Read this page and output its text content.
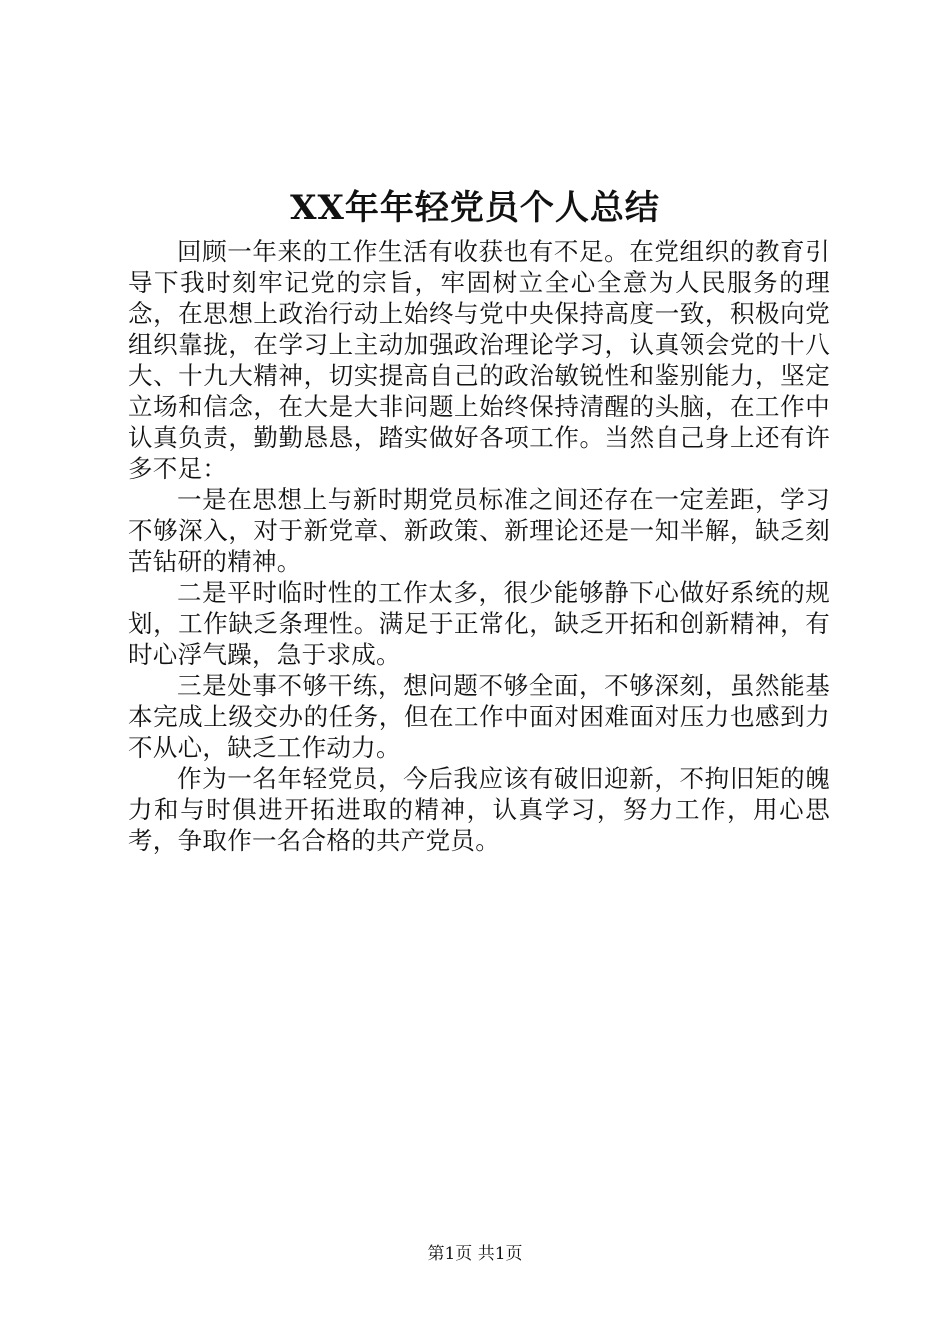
XX年年轻党员个人总结

回顾一年来的工作生活有收获也有不足。在党组织的教育引导下我时刻牢记党的宗旨，牢固树立全心全意为人民服务的理念，在思想上政治行动上始终与党中央保持高度一致，积极向党组织靠拢，在学习上主动加强政治理论学习，认真领会党的十八大、十九大精神，切实提高自己的政治敏锐性和鉴别能力，坚定立场和信念，在大是大非问题上始终保持清醒的头脑，在工作中认真负责，勤勤恳恳，踏实做好各项工作。当然自己身上还有许多不足：

一是在思想上与新时期党员标准之间还存在一定差距，学习不够深入，对于新党章、新政策、新理论还是一知半解，缺乏刻苦钻研的精神。

二是平时临时性的工作太多，很少能够静下心做好系统的规划，工作缺乏条理性。满足于正常化，缺乏开拓和创新精神，有时心浮气躁，急于求成。

三是处事不够干练，想问题不够全面，不够深刻，虽然能基本完成上级交办的任务，但在工作中面对困难面对压力也感到力不从心，缺乏工作动力。

作为一名年轻党员，今后我应该有破旧迎新，不拘旧矩的魄力和与时俱进开拓进取的精神，认真学习，努力工作，用心思考，争取作一名合格的共产党员。

第1页 共1页
